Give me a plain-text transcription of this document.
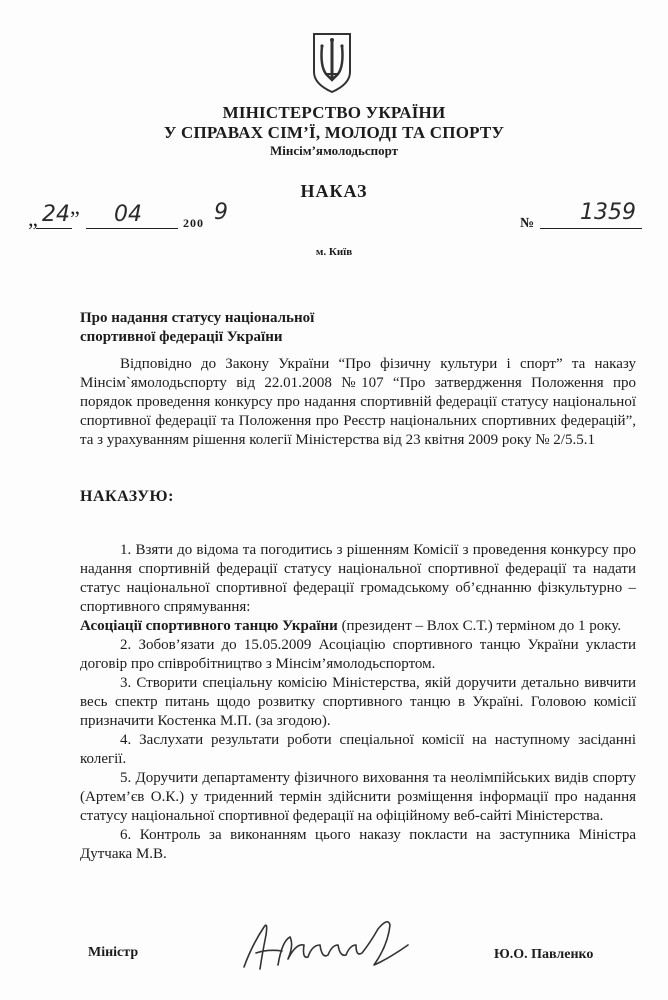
МІНІСТЕРСТВО УКРАЇНИ
У СПРАВАХ СІМ’Ї, МОЛОДІ ТА СПОРТУ
Мінсім’ямолодьспорт
НАКАЗ
„ 24 ” 04	200 9	№ 1359
м. Київ
Про надання статусу національної
спортивної федерації України
Відповідно до Закону України “Про фізичну культури і спорт” та наказу Мінсім`ямолодьспорту від 22.01.2008 №107 “Про затвердження Положення про порядок проведення конкурсу про надання спортивній федерації статусу національної спортивної федерації та Положення про Реєстр національних спортивних федерацій”, та з урахуванням рішення колегії Міністерства від 23 квітня 2009 року № 2/5.5.1
НАКАЗУЮ:

1. Взяти до відома та погодитись з рішенням Комісії з проведення конкурсу про надання спортивній федерації статусу національної спортивної федерації та надати статус національної спортивної федерації громадському об’єднанню фізкультурно – спортивного спрямування:

Асоціації спортивного танцю України (президент – Влох С.Т.) терміном до 1 року.

2. Зобов’язати до 15.05.2009 Асоціацію спортивного танцю України укласти договір про співробітництво з Мінсім’ямолодьспортом.

3. Створити спеціальну комісію Міністерства, якій доручити детально вивчити весь спектр питань щодо розвитку спортивного танцю в Україні. Головою комісії призначити Костенка М.П. (за згодою).

4. Заслухати результати роботи спеціальної комісії на наступному засіданні колегії.

5. Доручити департаменту фізичного виховання та неолімпійських видів спорту (Артем’єв О.К.) у триденний термін здійснити розміщення інформації про надання статусу національної спортивної федерації на офіційному веб-сайті Міністерства.

6. Контроль за виконанням цього наказу покласти на заступника Міністра Дутчака М.В.

Міністр	Ю.О. Павленко
